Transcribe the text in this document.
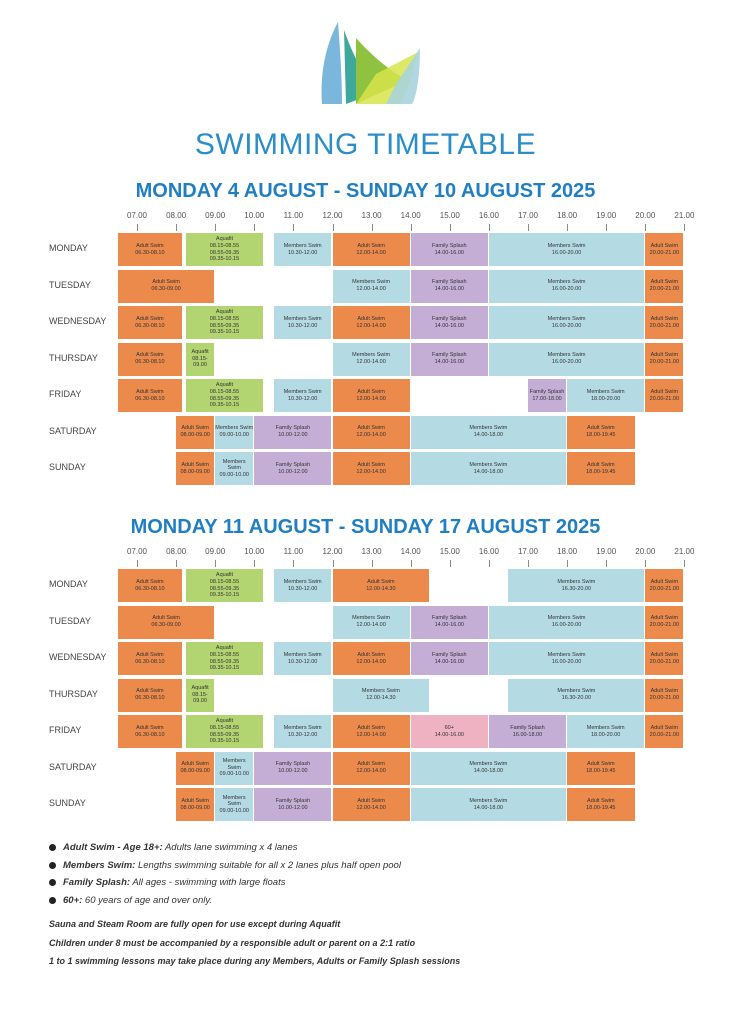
SWIMMING TIMETABLE
MONDAY 4 AUGUST - SUNDAY 10 AUGUST 2025
07.00	08.00	09.00	10.00	11.00	12.00	13.00	14.00	15.00	16.00	17.00	18.00	19.00	20.00	21.00
MONDAY	Adult Swim
06.30-08.10
Aquafit
08.15-08.55
08.55-09.35
09.35-10.15
Members Swim
10.30-12.00
Adult Swim
12.00-14.00
Family Splash
14.00-16.00
Members Swim
16.00-20.00
Adult Swim
20.00-21.00
TUESDAY	Adult Swim
06.30-09.00
Members Swim
12.00-14.00
Family Splash
14.00-16.00
Members Swim
16.00-20.00
Adult Swim
20.00-21.00
WEDNESDAY	Adult Swim
06.30-08.10
Aquafit
08.15-08.55
08.55-09.35
09.35-10.15
Members Swim
10.30-12.00
Adult Swim
12.00-14.00
Family Splash
14.00-16.00
Members Swim
16.00-20.00
Adult Swim
20.00-21.00
THURSDAY	Adult Swim
06.30-08.10
Aquafit
08.15-
09.00
Members Swim
12.00-14.00
Family Splash
14.00-16.00
Members Swim
16.00-20.00
Adult Swim
20.00-21.00
FRIDAY	Adult Swim
06.30-08.10
Aquafit
08.15-08.55
08.55-09.35
09.35-10.15
Members Swim
10.30-12.00
Adult Swim
12.00-14.00
Family Splash
17.00-18.00
Members Swim
18.00-20.00
Adult Swim
20.00-21.00
SATURDAY	Adult Swim
08.00-09.00
Members Swim
09.00-10.00
Family Splash
10.00-12.00
Adult Swim
12.00-14.00
Members Swim
14.00-18.00
Adult Swim
18.00-19.45
SUNDAY	Adult Swim
08.00-09.00
Members
Swim
09.00-10.00
Family Splash
10.00-12.00
Adult Swim
12.00-14.00
Members Swim
14.00-18.00
Adult Swim
18.00-19.45
MONDAY 11 AUGUST - SUNDAY 17 AUGUST 2025
07.00	08.00	09.00	10.00	11.00	12.00	13.00	14.00	15.00	16.00	17.00	18.00	19.00	20.00	21.00
MONDAY	Adult Swim
06.30-08.10
Aquafit
08.15-08.55
08.55-09.35
09.35-10.15
Members Swim
10.30-12.00
Adult Swim
12.00-14.30
Members Swim
16.30-20.00
Adult Swim
20.00-21.00
TUESDAY	Adult Swim
06.30-09.00
Members Swim
12.00-14.00
Family Splash
14.00-16.00
Members Swim
16.00-20.00
Adult Swim
20.00-21.00
WEDNESDAY	Adult Swim
06.30-08.10
Aquafit
08.15-08.55
08.55-09.35
09.35-10.15
Members Swim
10.30-12.00
Adult Swim
12.00-14.00
Family Splash
14.00-16.00
Members Swim
16.00-20.00
Adult Swim
20.00-21.00
THURSDAY	Adult Swim
06.30-08.10
Aquafit
08.15-
09.00
Members Swim
12.00-14.30
Members Swim
16.30-20.00
Adult Swim
20.00-21.00
FRIDAY	Adult Swim
06.30-08.10
Aquafit
08.15-08.55
08.55-09.35
09.35-10.15
Members Swim
10.30-12.00
Adult Swim
12.00-14.00
60+
14.00-16.00
Family Splash
16.00-18.00
Members Swim
18.00-20.00
Adult Swim
20.00-21.00
SATURDAY	Adult Swim
08.00-09.00
Members
Swim
09.00-10.00
Family Splash
10.00-12.00
Adult Swim
12.00-14.00
Members Swim
14.00-18.00
Adult Swim
18.00-19.45
SUNDAY	Adult Swim
08.00-09.00
Members
Swim
09.00-10.00
Family Splash
10.00-12.00
Adult Swim
12.00-14.00
Members Swim
14.00-18.00
Adult Swim
18.00-19.45
Adult Swim - Age 18+: Adults lane swimming x 4 lanes
Members Swim: Lengths swimming suitable for all x 2 lanes plus half open pool
Family Splash: All ages - swimming with large floats
60+: 60 years of age and over only.
Sauna and Steam Room are fully open for use except during Aquafit
Children under 8 must be accompanied by a responsible adult or parent on a 2:1 ratio
1 to 1 swimming lessons may take place during any Members, Adults or Family Splash sessions
